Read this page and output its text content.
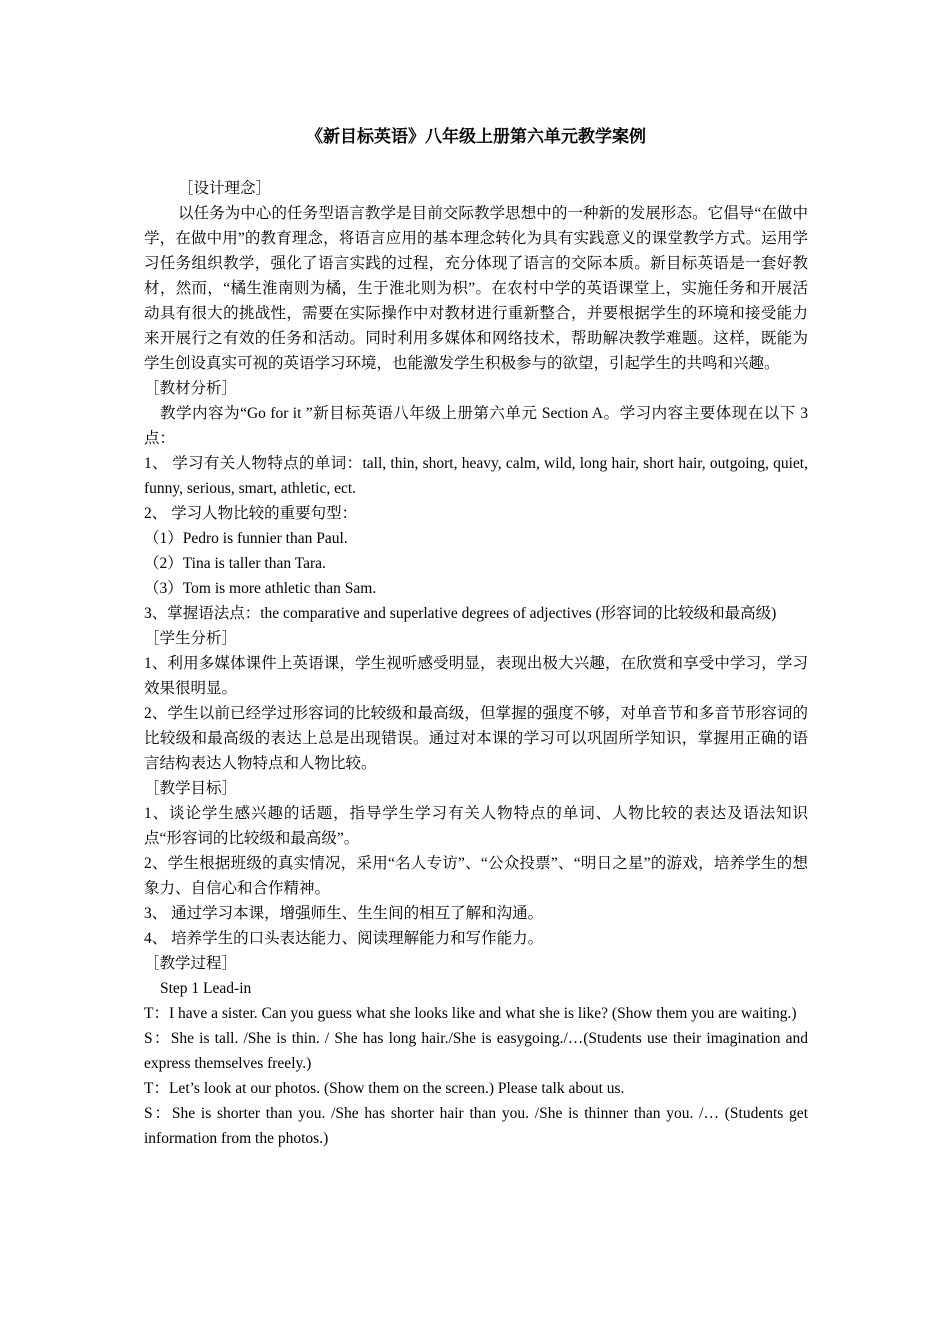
《新目标英语》八年级上册第六单元教学案例

［设计理念］

以任务为中心的任务型语言教学是目前交际教学思想中的一种新的发展形态。它倡导“在做中学，在做中用”的教育理念，将语言应用的基本理念转化为具有实践意义的课堂教学方式。运用学习任务组织教学，强化了语言实践的过程，充分体现了语言的交际本质。新目标英语是一套好教材，然而，“橘生淮南则为橘，生于淮北则为枳”。在农村中学的英语课堂上，实施任务和开展活动具有很大的挑战性，需要在实际操作中对教材进行重新整合，并要根据学生的环境和接受能力来开展行之有效的任务和活动。同时利用多媒体和网络技术，帮助解决教学难题。这样，既能为学生创设真实可视的英语学习环境，也能激发学生积极参与的欲望，引起学生的共鸣和兴趣。

［教材分析］

教学内容为“Go for it ”新目标英语八年级上册第六单元 Section A。学习内容主要体现在以下 3 点：

1、 学习有关人物特点的单词：tall, thin, short, heavy, calm, wild, long hair, short hair, outgoing, quiet, funny, serious, smart, athletic, ect.

2、 学习人物比较的重要句型：

（1）Pedro is funnier than Paul.

（2）Tina is taller than Tara.

（3）Tom is more athletic than Sam.

3、掌握语法点：the comparative and superlative degrees of adjectives (形容词的比较级和最高级)

［学生分析］

1、利用多媒体课件上英语课，学生视听感受明显，表现出极大兴趣，在欣赏和享受中学习，学习效果很明显。

2、学生以前已经学过形容词的比较级和最高级，但掌握的强度不够，对单音节和多音节形容词的比较级和最高级的表达上总是出现错误。通过对本课的学习可以巩固所学知识，掌握用正确的语言结构表达人物特点和人物比较。

［教学目标］

1、谈论学生感兴趣的话题，指导学生学习有关人物特点的单词、人物比较的表达及语法知识点“形容词的比较级和最高级”。

2、学生根据班级的真实情况，采用“名人专访”、“公众投票”、“明日之星”的游戏，培养学生的想象力、自信心和合作精神。

3、 通过学习本课，增强师生、生生间的相互了解和沟通。

4、 培养学生的口头表达能力、阅读理解能力和写作能力。

［教学过程］

Step 1 Lead-in

T：I have a sister. Can you guess what she looks like and what she is like? (Show them you are waiting.)

S：She is tall. /She is thin. / She has long hair./She is easygoing./…(Students use their imagination and express themselves freely.)

T：Let’s look at our photos. (Show them on the screen.) Please talk about us.

S：She is shorter than you. /She has shorter hair than you. /She is thinner than you. /… (Students get information from the photos.)
